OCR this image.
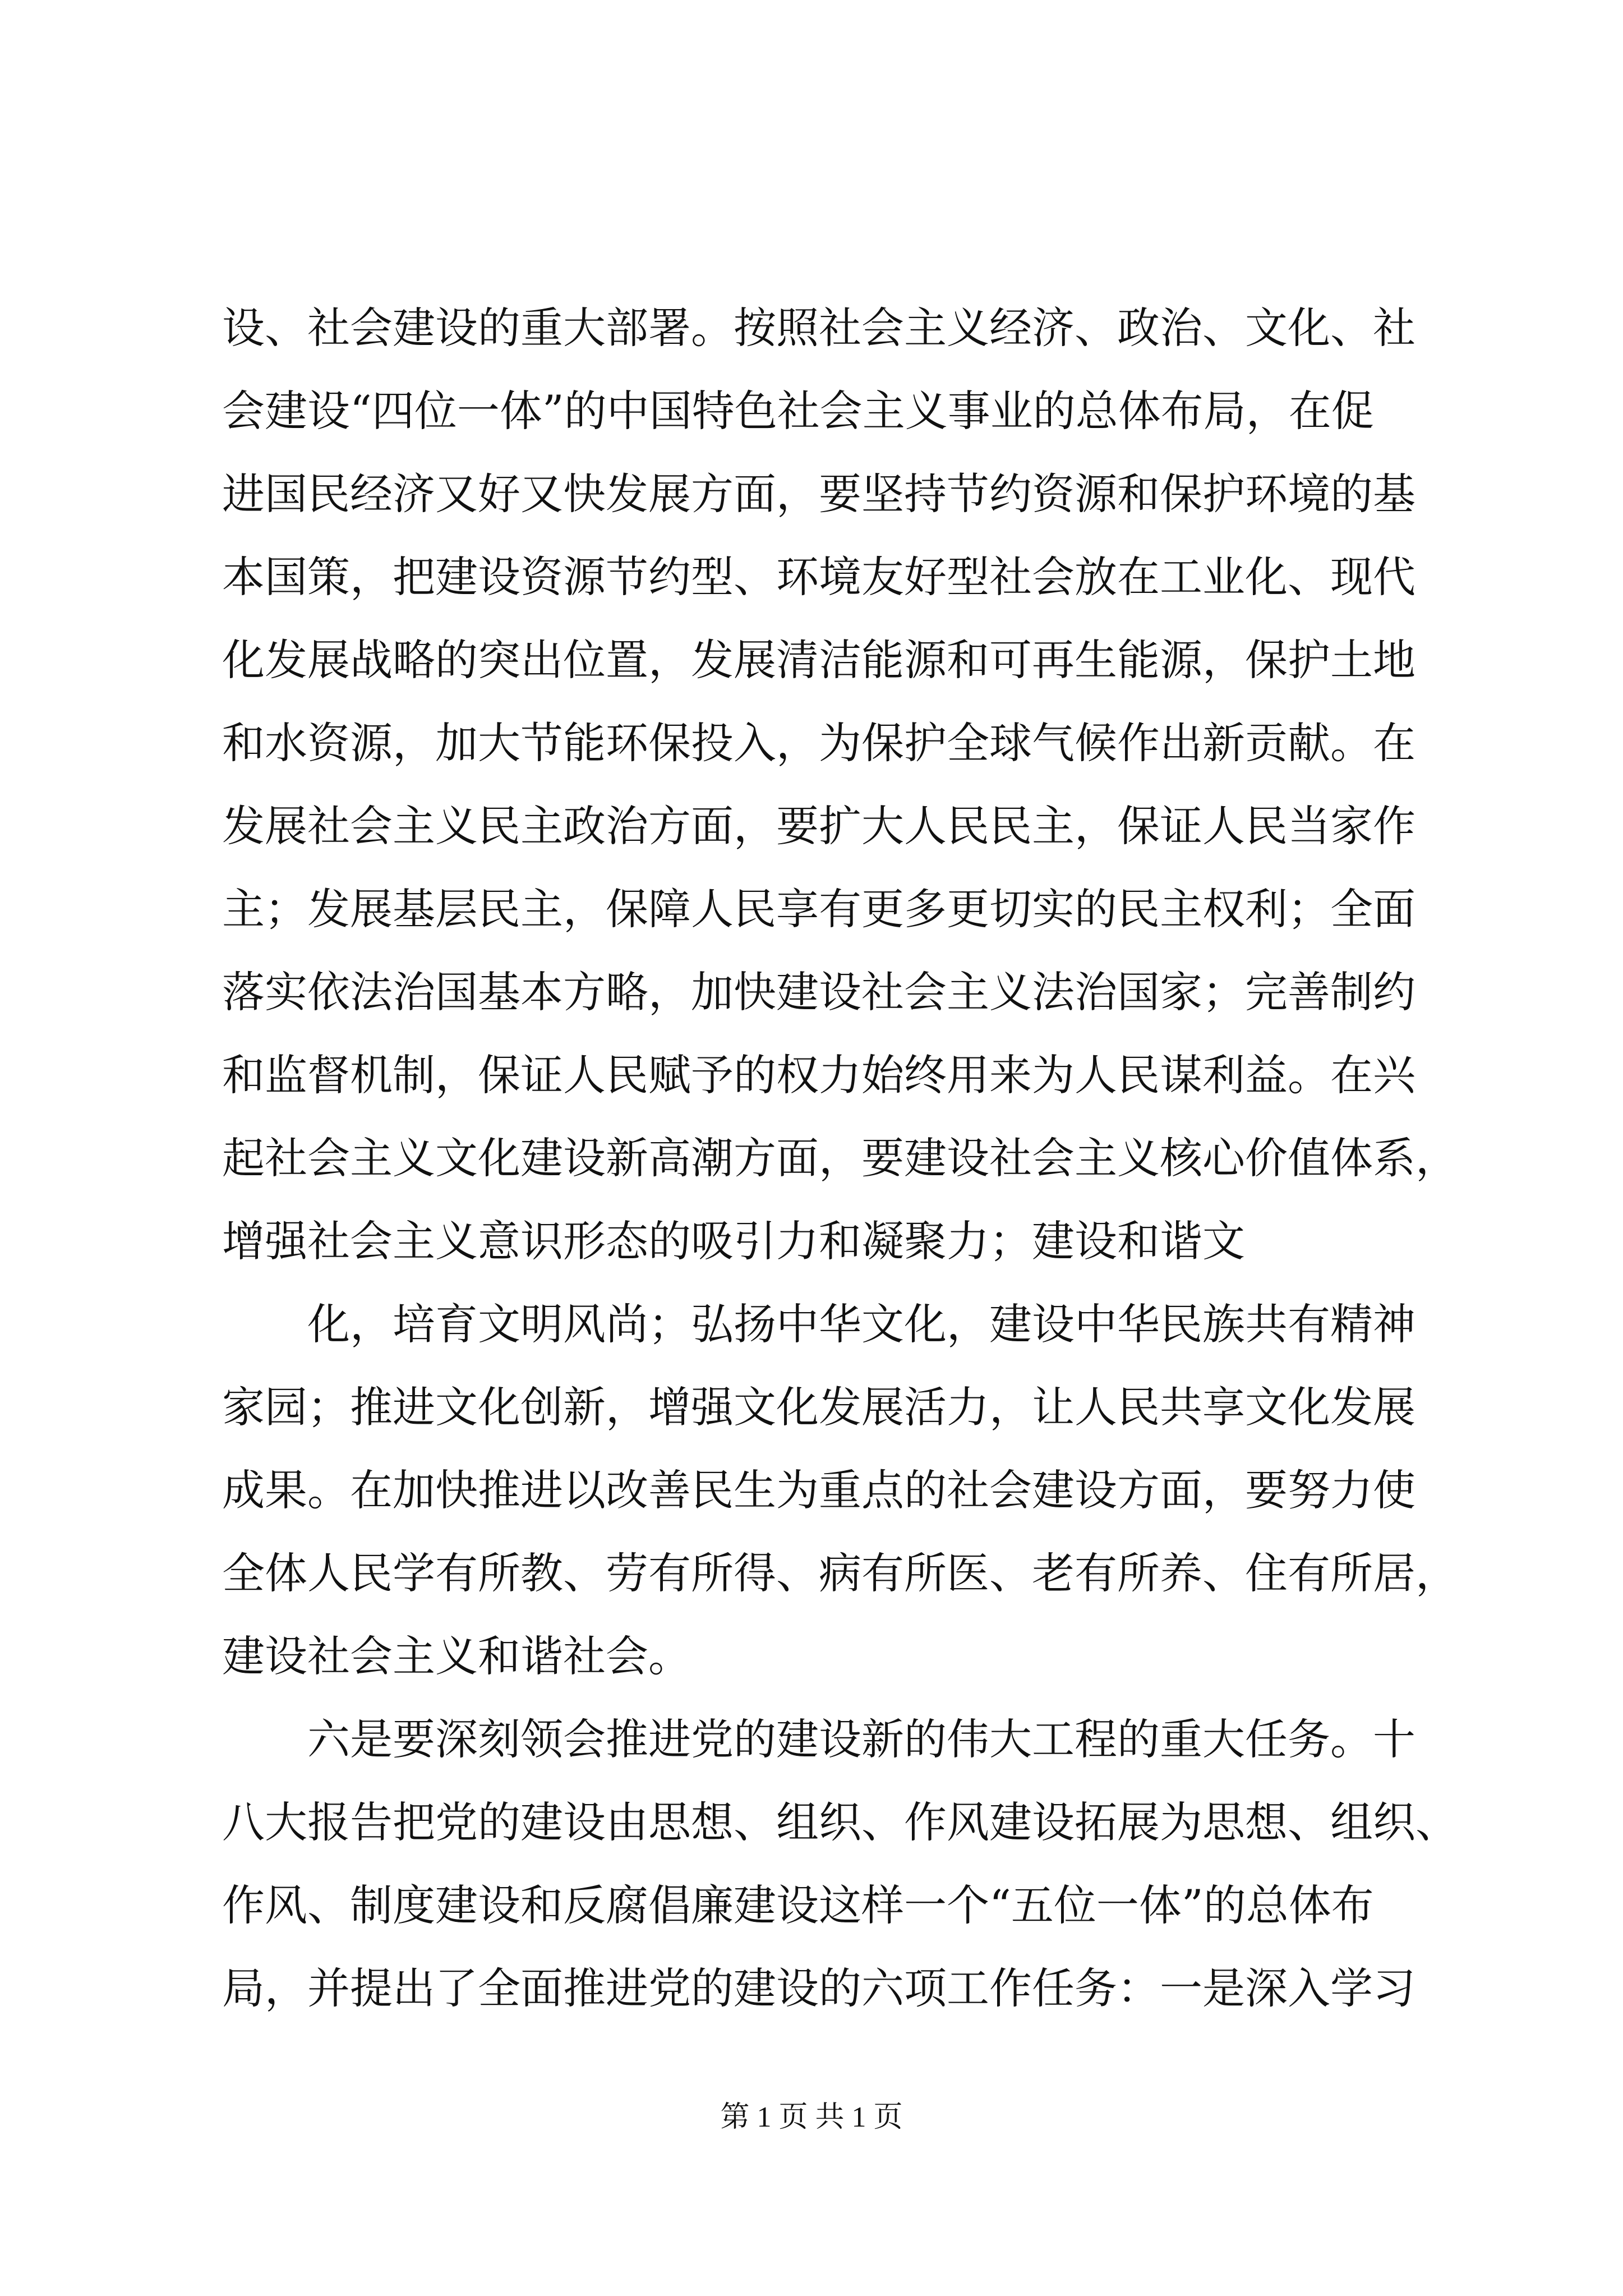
设、社会建设的重大部署。按照社会主义经济、政治、文化、社
会建设“四位一体”的中国特色社会主义事业的总体布局，在促
进国民经济又好又快发展方面，要坚持节约资源和保护环境的基
本国策，把建设资源节约型、环境友好型社会放在工业化、现代
化发展战略的突出位置，发展清洁能源和可再生能源，保护土地
和水资源，加大节能环保投入，为保护全球气候作出新贡献。在
发展社会主义民主政治方面，要扩大人民民主，保证人民当家作
主；发展基层民主，保障人民享有更多更切实的民主权利；全面
落实依法治国基本方略，加快建设社会主义法治国家；完善制约
和监督机制，保证人民赋予的权力始终用来为人民谋利益。在兴
起社会主义文化建设新高潮方面，要建设社会主义核心价值体系，
增强社会主义意识形态的吸引力和凝聚力；建设和谐文
　　化，培育文明风尚；弘扬中华文化，建设中华民族共有精神
家园；推进文化创新，增强文化发展活力，让人民共享文化发展
成果。在加快推进以改善民生为重点的社会建设方面，要努力使
全体人民学有所教、劳有所得、病有所医、老有所养、住有所居，
建设社会主义和谐社会。
　　六是要深刻领会推进党的建设新的伟大工程的重大任务。十
八大报告把党的建设由思想、组织、作风建设拓展为思想、组织、
作风、制度建设和反腐倡廉建设这样一个“五位一体”的总体布
局，并提出了全面推进党的建设的六项工作任务：一是深入学习
第 1 页 共 1 页
